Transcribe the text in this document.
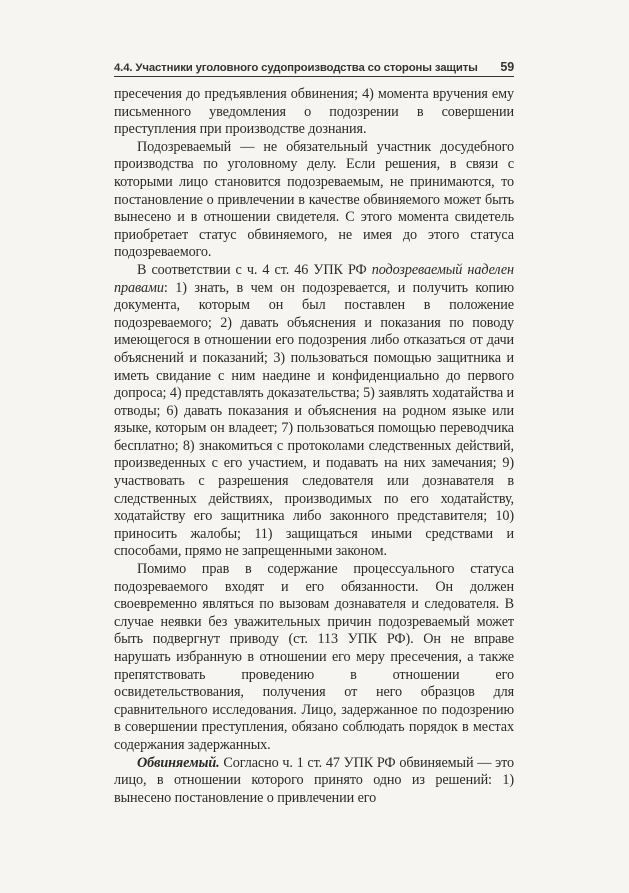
4.4. Участники уголовного судопроизводства со стороны защиты 59

пресечения до предъявления обвинения; 4) момента вручения ему письменного уведомления о подозрении в совершении преступления при производстве дознания.

Подозреваемый — не обязательный участник досудебного производства по уголовному делу. Если решения, в связи с которыми лицо становится подозреваемым, не принимаются, то постановление о привлечении в качестве обвиняемого может быть вынесено и в отношении свидетеля. С этого момента свидетель приобретает статус обвиняемого, не имея до этого статуса подозреваемого.

В соответствии с ч. 4 ст. 46 УПК РФ подозреваемый наделен правами: 1) знать, в чем он подозревается, и получить копию документа, которым он был поставлен в положение подозреваемого; 2) давать объяснения и показания по поводу имеющегося в отношении его подозрения либо отказаться от дачи объяснений и показаний; 3) пользоваться помощью защитника и иметь свидание с ним наедине и конфиденциально до первого допроса; 4) представлять доказательства; 5) заявлять ходатайства и отводы; 6) давать показания и объяснения на родном языке или языке, которым он владеет; 7) пользоваться помощью переводчика бесплатно; 8) знакомиться с протоколами следственных действий, произведенных с его участием, и подавать на них замечания; 9) участвовать с разрешения следователя или дознавателя в следственных действиях, производимых по его ходатайству, ходатайству его защитника либо законного представителя; 10) приносить жалобы; 11) защищаться иными средствами и способами, прямо не запрещенными законом.

Помимо прав в содержание процессуального статуса подозреваемого входят и его обязанности. Он должен своевременно являться по вызовам дознавателя и следователя. В случае неявки без уважительных причин подозреваемый может быть подвергнут приводу (ст. 113 УПК РФ). Он не вправе нарушать избранную в отношении его меру пресечения, а также препятствовать проведению в отношении его освидетельствования, получения от него образцов для сравнительного исследования. Лицо, задержанное по подозрению в совершении преступления, обязано соблюдать порядок в местах содержания задержанных.

Обвиняемый. Согласно ч. 1 ст. 47 УПК РФ обвиняемый — это лицо, в отношении которого принято одно из решений: 1) вынесено постановление о привлечении его
